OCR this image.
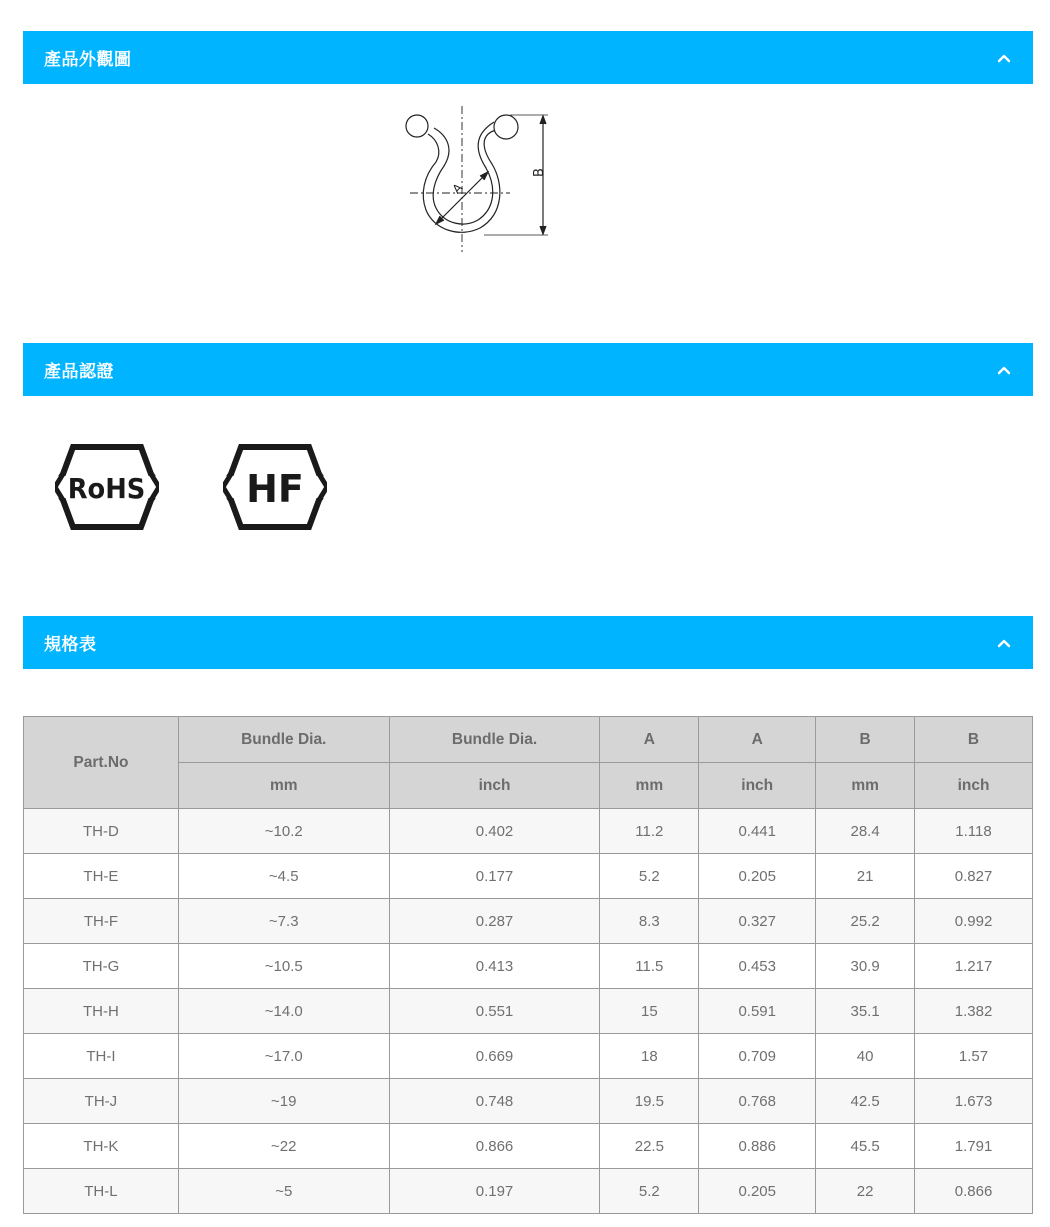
產品外觀圖
A
B
產品認證
RoHS	HF
規格表
Part.No	Bundle Dia.	Bundle Dia.	A	A	B	B
	mm	inch	mm	inch	mm	inch
TH-D	~10.2	0.402	11.2	0.441	28.4	1.118
TH-E	~4.5	0.177	5.2	0.205	21	0.827
TH-F	~7.3	0.287	8.3	0.327	25.2	0.992
TH-G	~10.5	0.413	11.5	0.453	30.9	1.217
TH-H	~14.0	0.551	15	0.591	35.1	1.382
TH-I	~17.0	0.669	18	0.709	40	1.57
TH-J	~19	0.748	19.5	0.768	42.5	1.673
TH-K	~22	0.866	22.5	0.886	45.5	1.791
TH-L	~5	0.197	5.2	0.205	22	0.866
